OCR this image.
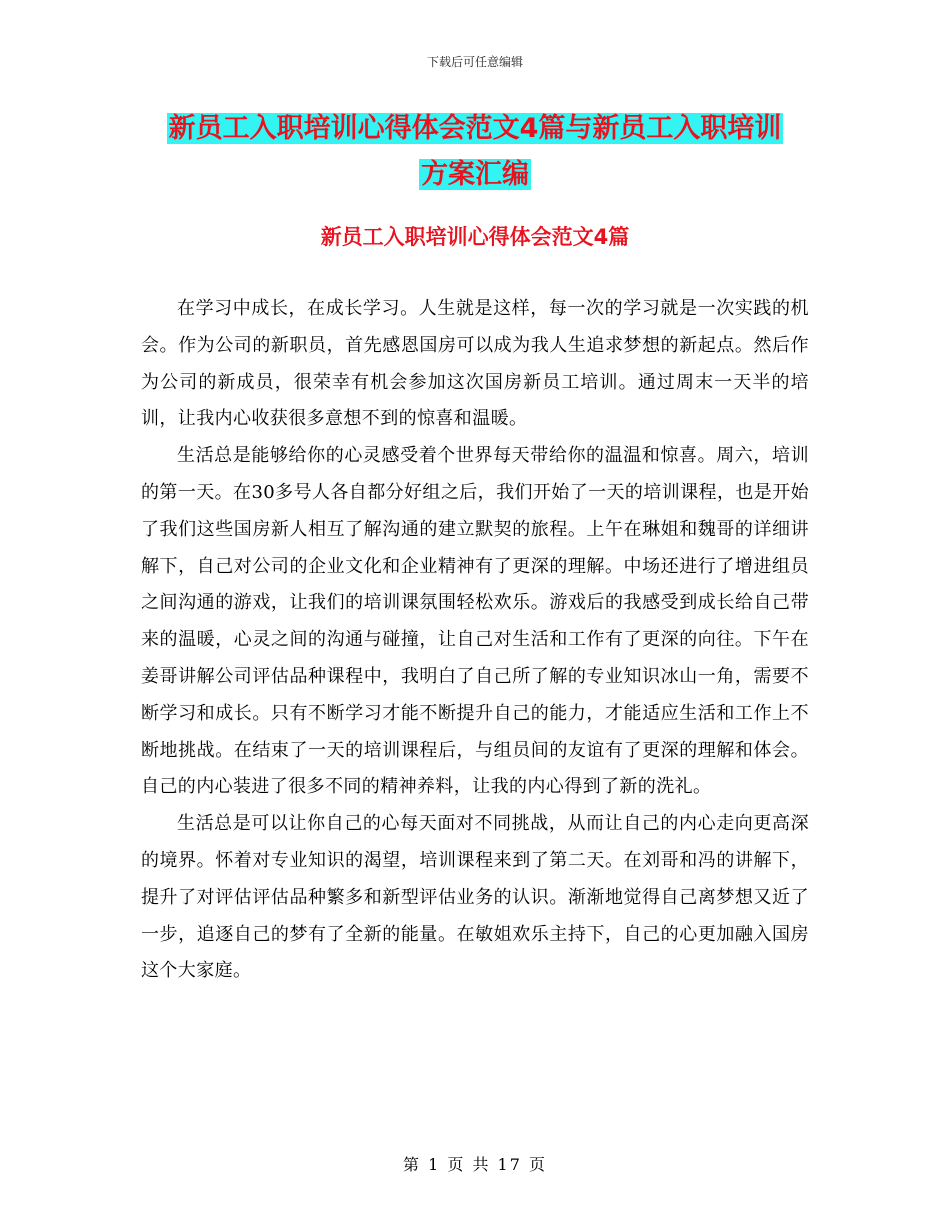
下载后可任意编辑
新员工入职培训心得体会范文4篇与新员工入职培训
方案汇编
新员工入职培训心得体会范文4篇

在学习中成长，在成长学习。人生就是这样，每一次的学习就是一次实践的机会。作为公司的新职员，首先感恩国房可以成为我人生追求梦想的新起点。然后作为公司的新成员，很荣幸有机会参加这次国房新员工培训。通过周末一天半的培训，让我内心收获很多意想不到的惊喜和温暖。

生活总是能够给你的心灵感受着个世界每天带给你的温温和惊喜。周六，培训的第一天。在30多号人各自都分好组之后，我们开始了一天的培训课程，也是开始了我们这些国房新人相互了解沟通的建立默契的旅程。上午在琳姐和魏哥的详细讲解下，自己对公司的企业文化和企业精神有了更深的理解。中场还进行了增进组员之间沟通的游戏，让我们的培训课氛围轻松欢乐。游戏后的我感受到成长给自己带来的温暖，心灵之间的沟通与碰撞，让自己对生活和工作有了更深的向往。下午在姜哥讲解公司评估品种课程中，我明白了自己所了解的专业知识冰山一角，需要不断学习和成长。只有不断学习才能不断提升自己的能力，才能适应生活和工作上不断地挑战。在结束了一天的培训课程后，与组员间的友谊有了更深的理解和体会。自己的内心装进了很多不同的精神养料，让我的内心得到了新的洗礼。

生活总是可以让你自己的心每天面对不同挑战，从而让自己的内心走向更高深的境界。怀着对专业知识的渴望，培训课程来到了第二天。在刘哥和冯的讲解下，提升了对评估评估品种繁多和新型评估业务的认识。渐渐地觉得自己离梦想又近了一步，追逐自己的梦有了全新的能量。在敏姐欢乐主持下，自己的心更加融入国房这个大家庭。

第 1 页 共 17 页
